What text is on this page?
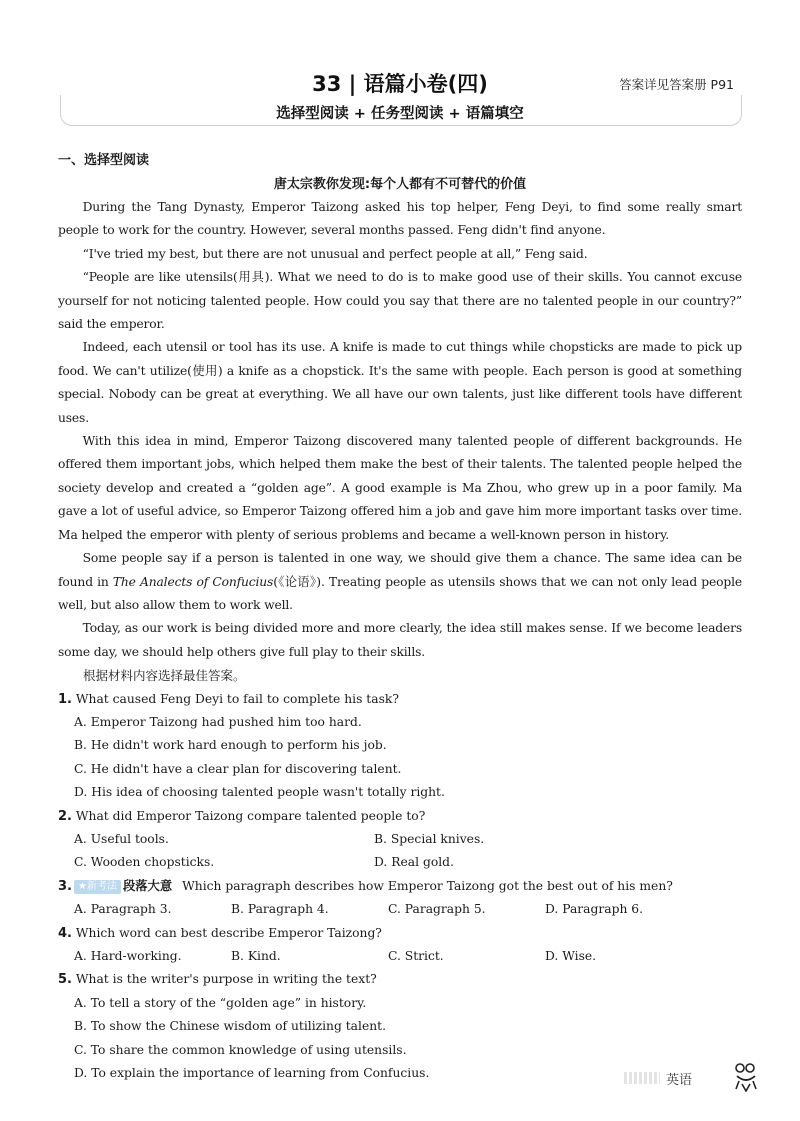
33 | 语篇小卷(四)	答案详见答案册 P91
选择型阅读 + 任务型阅读 + 语篇填空
一、选择型阅读
唐太宗教你发现:每个人都有不可替代的价值

During the Tang Dynasty, Emperor Taizong asked his top helper, Feng Deyi, to find some really smart people to work for the country. However, several months passed. Feng didn't find anyone.

“I've tried my best, but there are not unusual and perfect people at all,” Feng said.

“People are like utensils(用具). What we need to do is to make good use of their skills. You cannot excuse yourself for not noticing talented people. How could you say that there are no talented people in our country?” said the emperor.

Indeed, each utensil or tool has its use. A knife is made to cut things while chopsticks are made to pick up food. We can't utilize(使用) a knife as a chopstick. It's the same with people. Each person is good at something special. Nobody can be great at everything. We all have our own talents, just like different tools have different uses.

With this idea in mind, Emperor Taizong discovered many talented people of different backgrounds. He offered them important jobs, which helped them make the best of their talents. The talented people helped the society develop and created a “golden age”. A good example is Ma Zhou, who grew up in a poor family. Ma gave a lot of useful advice, so Emperor Taizong offered him a job and gave him more important tasks over time. Ma helped the emperor with plenty of serious problems and became a well-known person in history.

Some people say if a person is talented in one way, we should give them a chance. The same idea can be found in The Analects of Confucius(《论语》). Treating people as utensils shows that we can not only lead people well, but also allow them to work well.

Today, as our work is being divided more and more clearly, the idea still makes sense. If we become leaders some day, we should help others give full play to their skills.

根据材料内容选择最佳答案。

1. What caused Feng Deyi to fail to complete his task?

A. Emperor Taizong had pushed him too hard.

B. He didn't work hard enough to perform his job.

C. He didn't have a clear plan for discovering talent.

D. His idea of choosing talented people wasn't totally right.

2. What did Emperor Taizong compare talented people to?

A. Useful tools.	B. Special knives.
C. Wooden chopsticks.	D. Real gold.

3. ★新考法 段落大意 Which paragraph describes how Emperor Taizong got the best out of his men?

A. Paragraph 3.	B. Paragraph 4.	C. Paragraph 5.	D. Paragraph 6.

4. Which word can best describe Emperor Taizong?

A. Hard-working.	B. Kind.	C. Strict.	D. Wise.

5. What is the writer's purpose in writing the text?

A. To tell a story of the “golden age” in history.

B. To show the Chinese wisdom of utilizing talent.

C. To share the common knowledge of using utensils.

D. To explain the importance of learning from Confucius.	英语
